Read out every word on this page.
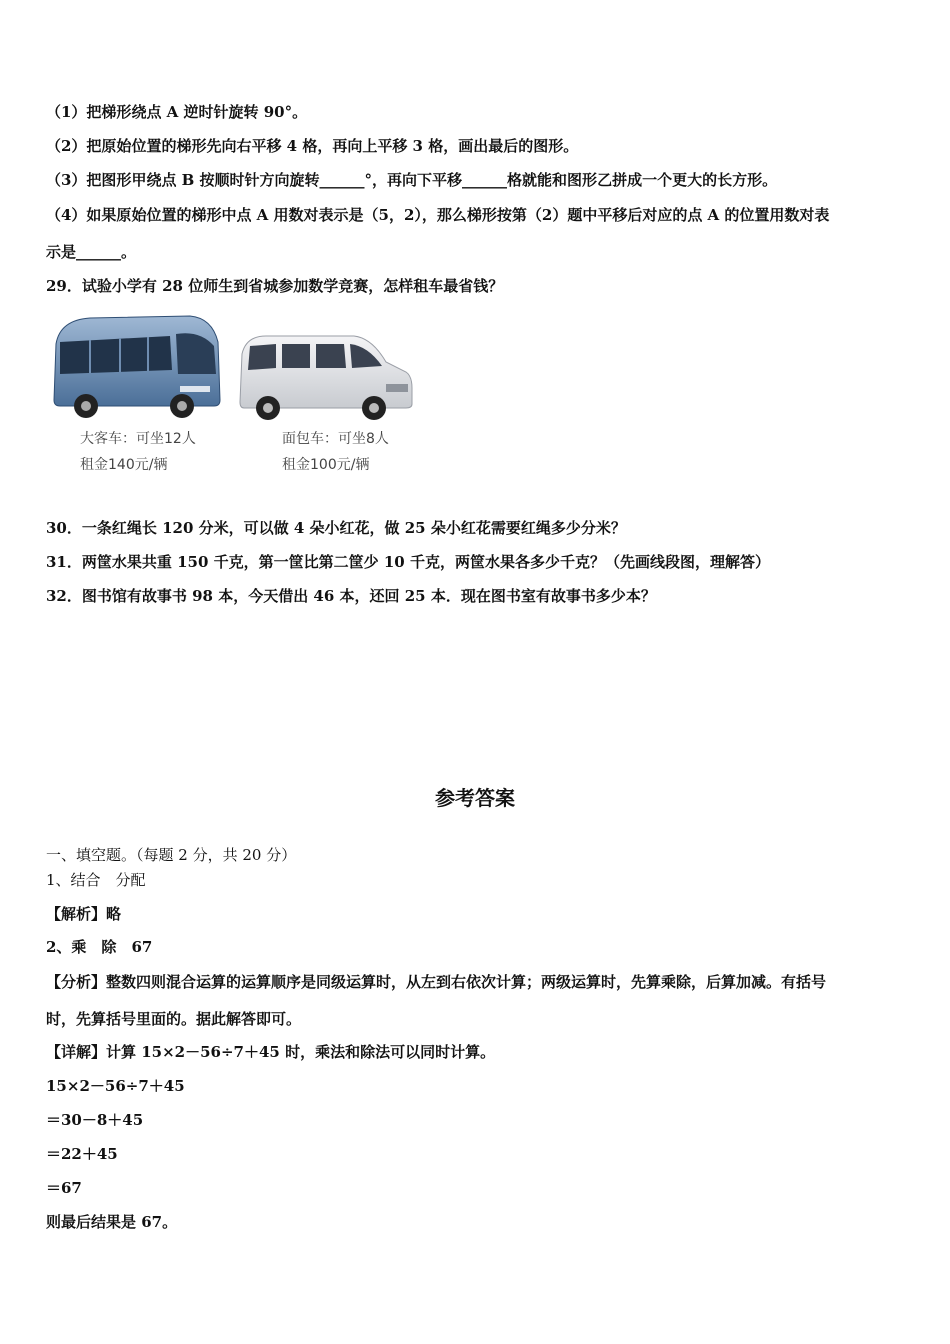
（1）把梯形绕点 A 逆时针旋转 90°。
（2）把原始位置的梯形先向右平移 4 格，再向上平移 3 格，画出最后的图形。
（3）把图形甲绕点 B 按顺时针方向旋转______°，再向下平移______格就能和图形乙拼成一个更大的长方形。
（4）如果原始位置的梯形中点 A 用数对表示是（5，2），那么梯形按第（2）题中平移后对应的点 A 的位置用数对表
示是______。
29．试验小学有 28 位师生到省城参加数学竞赛，怎样租车最省钱？
大客车：可坐12人
租金140元/辆
面包车：可坐8人
租金100元/辆
30．一条红绳长 120 分米，可以做 4 朵小红花，做 25 朵小红花需要红绳多少分米？
31．两筐水果共重 150 千克，第一筐比第二筐少 10 千克，两筐水果各多少千克？（先画线段图，理解答）
32．图书馆有故事书 98 本，今天借出 46 本，还回 25 本．现在图书室有故事书多少本？
参考答案
一、填空题。（每题 2 分，共 20 分）
1、结合　分配
【解析】略
2、乘　除　67
【分析】整数四则混合运算的运算顺序是同级运算时，从左到右依次计算；两级运算时，先算乘除，后算加减。有括号
时，先算括号里面的。据此解答即可。
【详解】计算 15×2－56÷7＋45 时，乘法和除法可以同时计算。
15×2－56÷7＋45
＝30－8＋45
＝22＋45
＝67
则最后结果是 67。
